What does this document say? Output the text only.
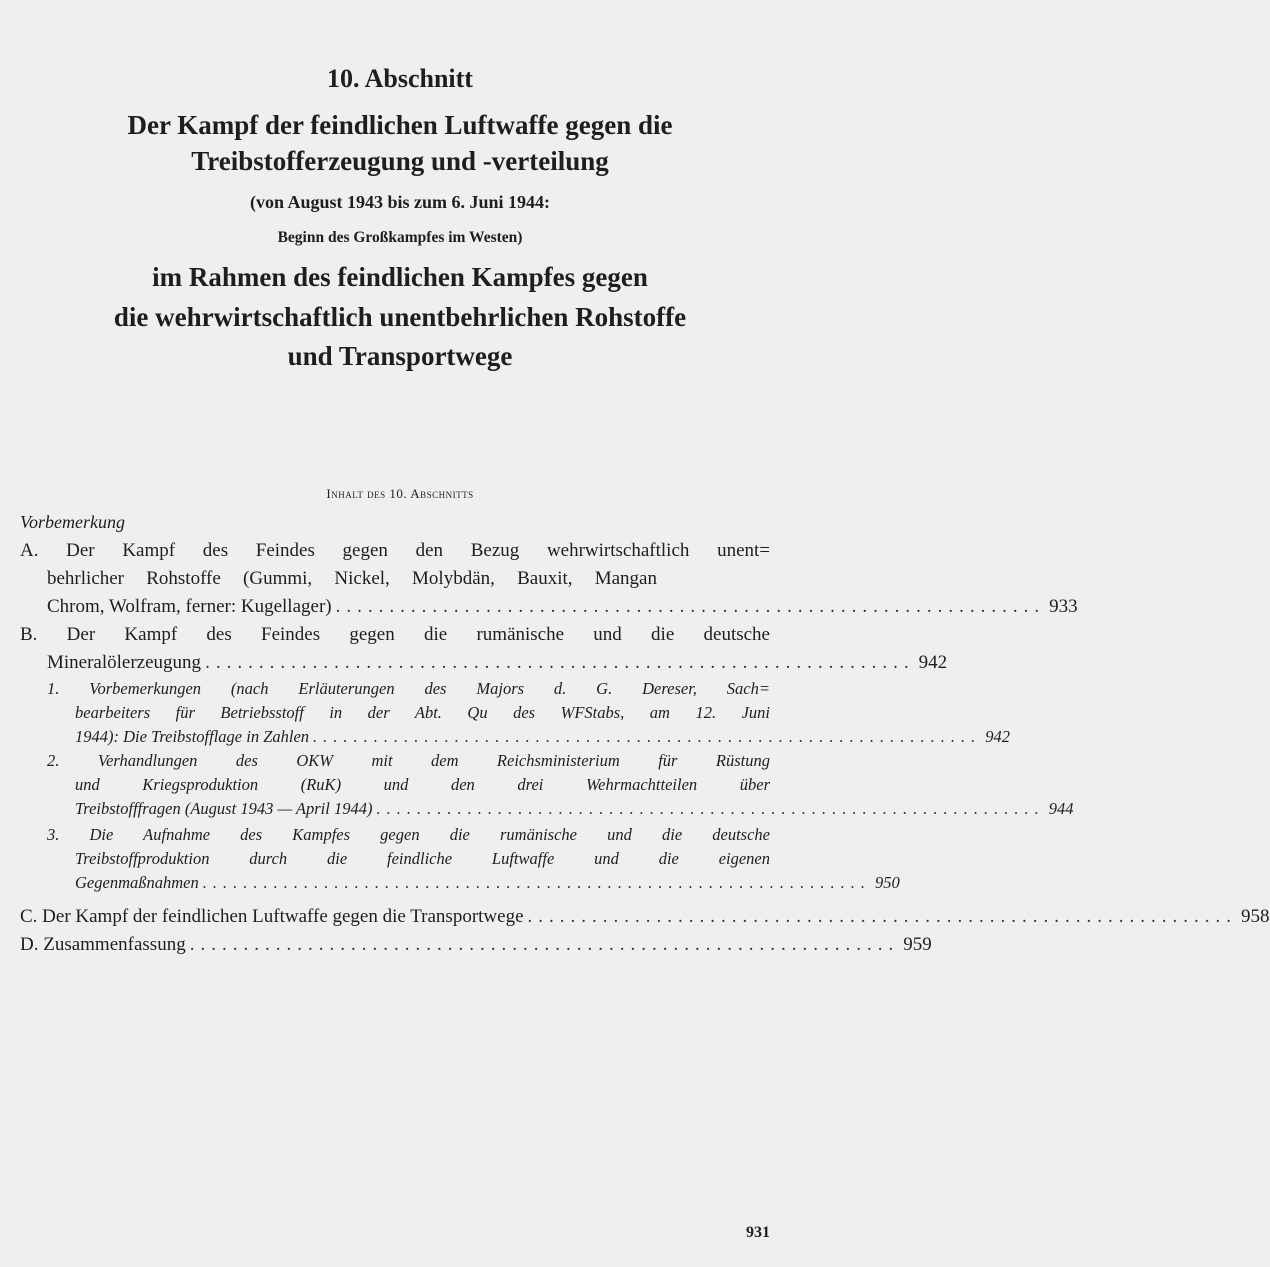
10. Abschnitt
Der Kampf der feindlichen Luftwaffe gegen die
Treibstofferzeugung und -verteilung
(von August 1943 bis zum 6. Juni 1944:
Beginn des Großkampfes im Westen)
im Rahmen des feindlichen Kampfes gegen
die wehrwirtschaftlich unentbehrlichen Rohstoffe
und Transportwege
Inhalt des 10. Abschnitts
Vorbemerkung
A. Der Kampf des Feindes gegen den Bezug wehrwirtschaftlich unent=
behrlicher Rohstoffe (Gummi, Nickel, Molybdän, Bauxit, Mangan
Chrom, Wolfram, ferner: Kugellager) .................................................................. 933
B. Der Kampf des Feindes gegen die rumänische und die deutsche
Mineralölerzeugung .................................................................. 942
1. Vorbemerkungen (nach Erläuterungen des Majors d. G. Dereser, Sach=
bearbeiters für Betriebsstoff in der Abt. Qu des WFStabs, am 12. Juni
1944): Die Treibstofflage in Zahlen .................................................................. 942
2. Verhandlungen des OKW mit dem Reichsministerium für Rüstung
und Kriegsproduktion (RuK) und den drei Wehrmachtteilen über
Treibstofffragen (August 1943 — April 1944) .................................................................. 944
3. Die Aufnahme des Kampfes gegen die rumänische und die deutsche
Treibstoffproduktion durch die feindliche Luftwaffe und die eigenen
Gegenmaßnahmen .................................................................. 950
C. Der Kampf der feindlichen Luftwaffe gegen die Transportwege .................................................................. 958
D. Zusammenfassung .................................................................. 959
931
